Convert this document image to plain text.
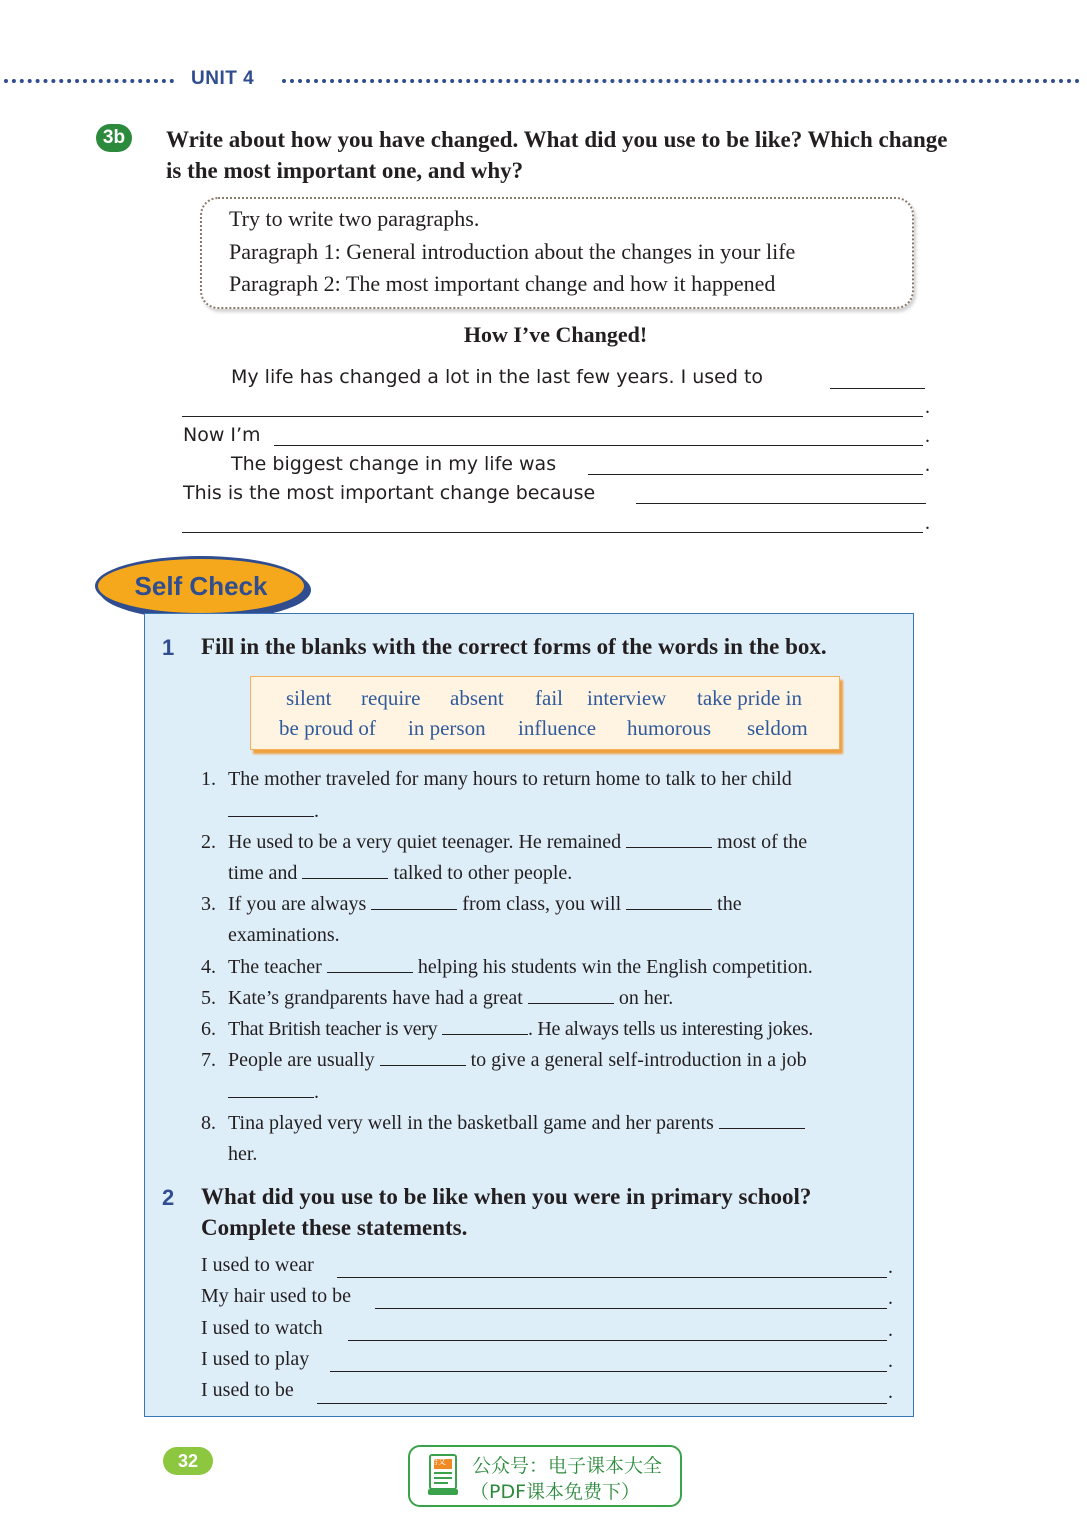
UNIT 4
3b	Write about how you have changed. What did you use to be like? Which change is the most important one, and why?
Try to write two paragraphs.
Paragraph 1: General introduction about the changes in your life
Paragraph 2: The most important change and how it happened
How I’ve Changed!
My life has changed a lot in the last few years. I used to
.
Now I’m	.
The biggest change in my life was	.
This is the most important change because
.
Self Check
1 Fill in the blanks with the correct forms of the words in the box.
silent require absent fail interview take pride in
be proud of in person influence humorous seldom
1. The mother traveled for many hours to return home to talk to her child
.
2. He used to be a very quiet teenager. He remained	most of the
time and	talked to other people.
3. If you are always	from class, you will	the
examinations.
4. The teacher	helping his students win the English competition.
5. Kate’s grandparents have had a great	on her.
6. That British teacher is very	. He always tells us interesting jokes.
7. People are usually	to give a general self-introduction in a job
.
8. Tina played very well in the basketball game and her parents
her.
2 What did you use to be like when you were in primary school? Complete these statements.
I used to wear	.
My hair used to be	.
I used to watch	.
I used to play	.
I used to be	.
32	语文 公众号：电子课本大全
（PDF课本免费下）
